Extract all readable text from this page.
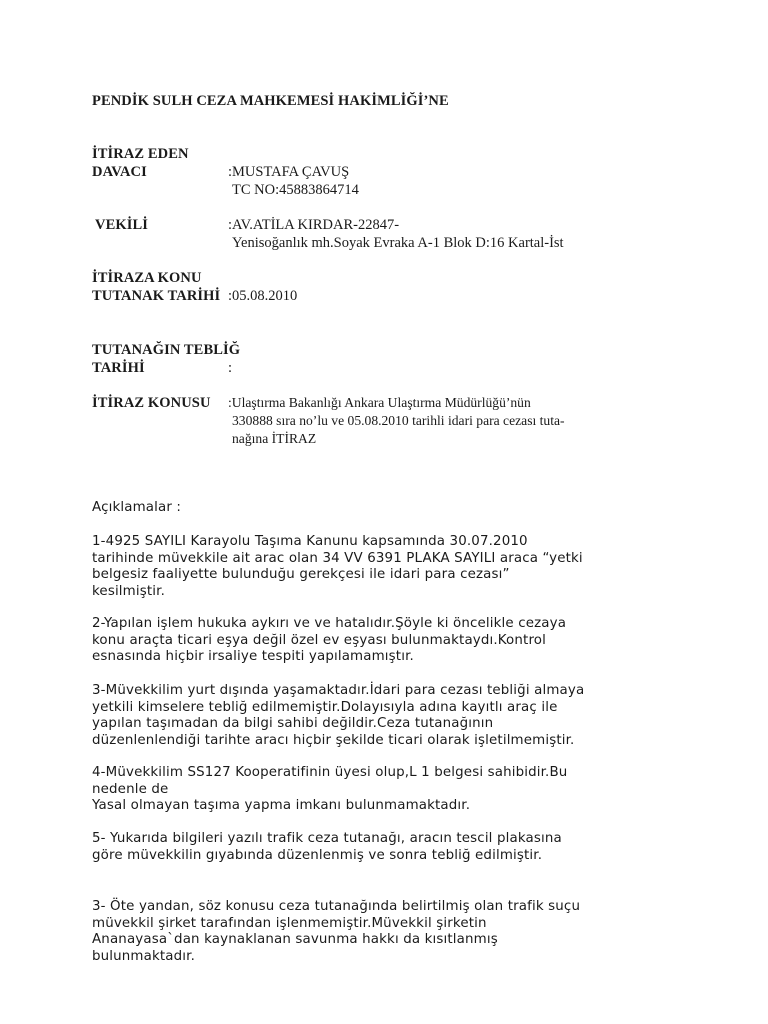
PENDİK SULH CEZA MAHKEMESİ HAKİMLİĞİ’NE
İTİRAZ EDEN
DAVACI	:MUSTAFA ÇAVUŞ
TC NO:45883864714
VEKİLİ	:AV.ATİLA KIRDAR-22847-
Yenisoğanlık mh.Soyak Evraka A-1 Blok D:16 Kartal-İst
İTİRAZA KONU
TUTANAK TARİHİ :05.08.2010
TUTANAĞIN TEBLİĞ
TARİHİ	:
İTİRAZ KONUSU :Ulaştırma Bakanlığı Ankara Ulaştırma Müdürlüğü’nün
330888 sıra no’lu ve 05.08.2010 tarihli idari para cezası tuta-
nağına İTİRAZ
Açıklamalar :
1-4925 SAYILI Karayolu Taşıma Kanunu kapsamında 30.07.2010
tarihinde müvekkile ait arac olan 34 VV 6391 PLAKA SAYILI araca “yetki
belgesiz faaliyette bulunduğu gerekçesi ile idari para cezası”
kesilmiştir.
2-Yapılan işlem hukuka aykırı ve ve hatalıdır.Şöyle ki öncelikle cezaya
konu araçta ticari eşya değil özel ev eşyası bulunmaktaydı.Kontrol
esnasında hiçbir irsaliye tespiti yapılamamıştır.
3-Müvekkilim yurt dışında yaşamaktadır.İdari para cezası tebliği almaya
yetkili kimselere tebliğ edilmemiştir.Dolayısıyla adına kayıtlı araç ile
yapılan taşımadan da bilgi sahibi değildir.Ceza tutanağının
düzenlenlendiği tarihte aracı hiçbir şekilde ticari olarak işletilmemiştir.
4-Müvekkilim SS127 Kooperatifinin üyesi olup,L 1 belgesi sahibidir.Bu
nedenle de
Yasal olmayan taşıma yapma imkanı bulunmamaktadır.
5- Yukarıda bilgileri yazılı trafik ceza tutanağı, aracın tescil plakasına
göre müvekkilin gıyabında düzenlenmiş ve sonra tebliğ edilmiştir.
3- Öte yandan, söz konusu ceza tutanağında belirtilmiş olan trafik suçu
müvekkil şirket tarafından işlenmemiştir.Müvekkil şirketin
Ananayasa`dan kaynaklanan savunma hakkı da kısıtlanmış
bulunmaktadır.
